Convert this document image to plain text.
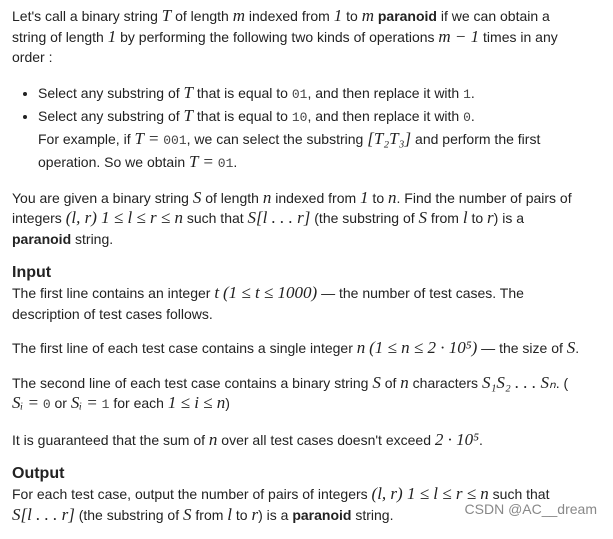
Let's call a binary string T of length m indexed from 1 to m paranoid if we can obtain a
string of length 1 by performing the following two kinds of operations m − 1 times in any
order :

• Select any substring of T that is equal to 01, and then replace it with 1.
• Select any substring of T that is equal to 10, and then replace it with 0.
For example, if T = 001, we can select the substring [T₂T₃] and perform the first
operation. So we obtain T = 01.

You are given a binary string S of length n indexed from 1 to n. Find the number of pairs of
integers (l, r) 1 ≤ l ≤ r ≤ n such that S[l . . . r] (the substring of S from l to r) is a
paranoid string.

Input

The first line contains an integer t (1 ≤ t ≤ 1000) — the number of test cases. The
description of test cases follows.

The first line of each test case contains a single integer n (1 ≤ n ≤ 2 · 10⁵) — the size of S.

The second line of each test case contains a binary string S of n characters S₁S₂ . . . Sₙ. (
Sᵢ = 0 or Sᵢ = 1 for each 1 ≤ i ≤ n)

It is guaranteed that the sum of n over all test cases doesn't exceed 2 · 10⁵.

Output

For each test case, output the number of pairs of integers (l, r) 1 ≤ l ≤ r ≤ n such that
S[l . . . r] (the substring of S from l to r) is a paranoid string.	CSDN @AC__dream
